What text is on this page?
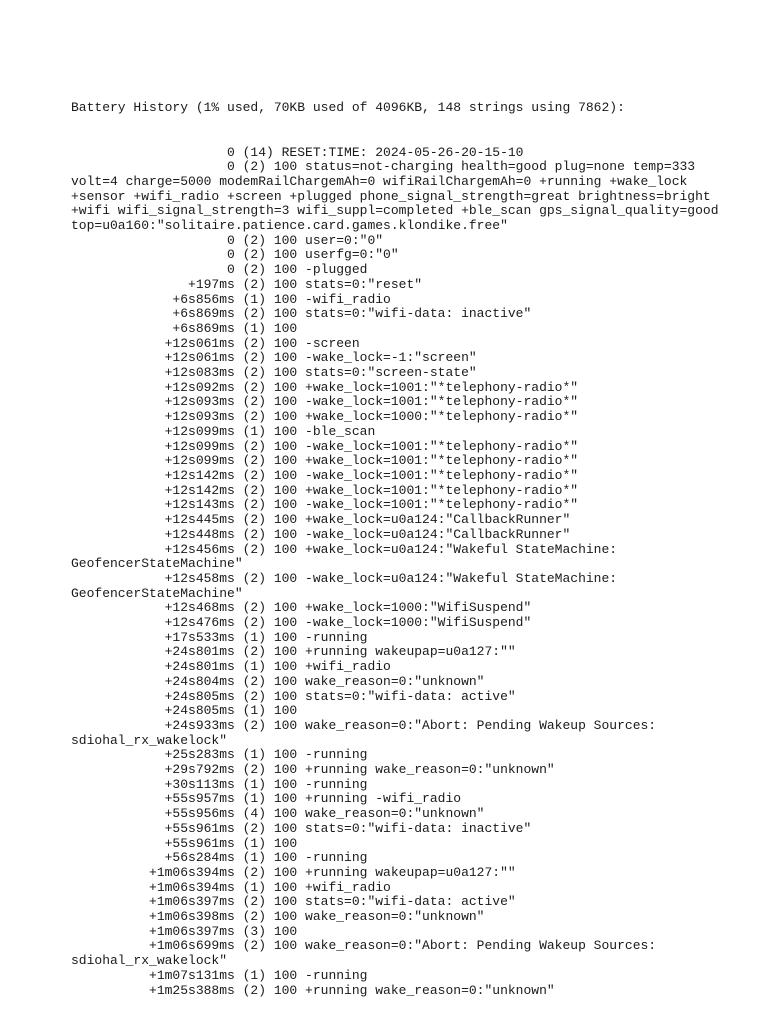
Battery History (1% used, 70KB used of 4096KB, 148 strings using 7862):

0 (14) RESET:TIME: 2024-05-26-20-15-10
0 (2) 100 status=not-charging health=good plug=none temp=333
volt=4 charge=5000 modemRailChargemAh=0 wifiRailChargemAh=0 +running +wake_lock
+sensor +wifi_radio +screen +plugged phone_signal_strength=great brightness=bright
+wifi wifi_signal_strength=3 wifi_suppl=completed +ble_scan gps_signal_quality=good
top=u0a160:"solitaire.patience.card.games.klondike.free"
0 (2) 100 user=0:"0"
0 (2) 100 userfg=0:"0"
0 (2) 100 -plugged
+197ms (2) 100 stats=0:"reset"
+6s856ms (1) 100 -wifi_radio
+6s869ms (2) 100 stats=0:"wifi-data: inactive"
+6s869ms (1) 100
+12s061ms (2) 100 -screen
+12s061ms (2) 100 -wake_lock=-1:"screen"
+12s083ms (2) 100 stats=0:"screen-state"
+12s092ms (2) 100 +wake_lock=1001:"*telephony-radio*"
+12s093ms (2) 100 -wake_lock=1001:"*telephony-radio*"
+12s093ms (2) 100 +wake_lock=1000:"*telephony-radio*"
+12s099ms (1) 100 -ble_scan
+12s099ms (2) 100 -wake_lock=1001:"*telephony-radio*"
+12s099ms (2) 100 +wake_lock=1001:"*telephony-radio*"
+12s142ms (2) 100 -wake_lock=1001:"*telephony-radio*"
+12s142ms (2) 100 +wake_lock=1001:"*telephony-radio*"
+12s143ms (2) 100 -wake_lock=1001:"*telephony-radio*"
+12s445ms (2) 100 +wake_lock=u0a124:"CallbackRunner"
+12s448ms (2) 100 -wake_lock=u0a124:"CallbackRunner"
+12s456ms (2) 100 +wake_lock=u0a124:"Wakeful StateMachine:
GeofencerStateMachine"
+12s458ms (2) 100 -wake_lock=u0a124:"Wakeful StateMachine:
GeofencerStateMachine"
+12s468ms (2) 100 +wake_lock=1000:"WifiSuspend"
+12s476ms (2) 100 -wake_lock=1000:"WifiSuspend"
+17s533ms (1) 100 -running
+24s801ms (2) 100 +running wakeupap=u0a127:""
+24s801ms (1) 100 +wifi_radio
+24s804ms (2) 100 wake_reason=0:"unknown"
+24s805ms (2) 100 stats=0:"wifi-data: active"
+24s805ms (1) 100
+24s933ms (2) 100 wake_reason=0:"Abort: Pending Wakeup Sources:
sdiohal_rx_wakelock"
+25s283ms (1) 100 -running
+29s792ms (2) 100 +running wake_reason=0:"unknown"
+30s113ms (1) 100 -running
+55s957ms (1) 100 +running -wifi_radio
+55s956ms (4) 100 wake_reason=0:"unknown"
+55s961ms (2) 100 stats=0:"wifi-data: inactive"
+55s961ms (1) 100
+56s284ms (1) 100 -running
+1m06s394ms (2) 100 +running wakeupap=u0a127:""
+1m06s394ms (1) 100 +wifi_radio
+1m06s397ms (2) 100 stats=0:"wifi-data: active"
+1m06s398ms (2) 100 wake_reason=0:"unknown"
+1m06s397ms (3) 100
+1m06s699ms (2) 100 wake_reason=0:"Abort: Pending Wakeup Sources:
sdiohal_rx_wakelock"
+1m07s131ms (1) 100 -running
+1m25s388ms (2) 100 +running wake_reason=0:"unknown"
